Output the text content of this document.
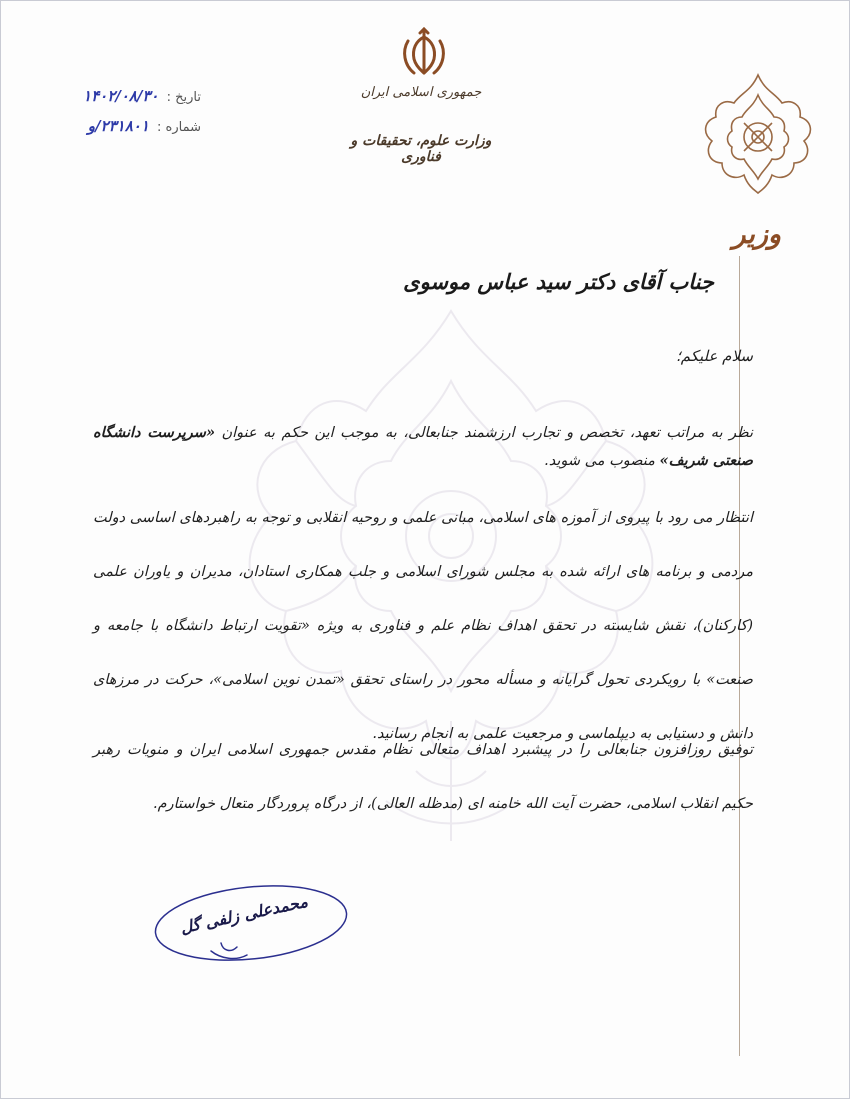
جمهوری اسلامی ایران
وزارت علوم، تحقیقات و فناوری
وزیر
تاریخ : ۱۴۰۲/۰۸/۳۰
شماره : ۲۳۱۸۰۱/و
جناب آقای دکتر سید عباس موسوی
سلام علیکم؛
نظر به مراتب تعهد، تخصص و تجارب ارزشمند جنابعالی، به موجب این حکم به عنوان «سرپرست دانشگاه صنعتی شریف» منصوب می شوید.
انتظار می رود با پیروی از آموزه های اسلامی، مبانی علمی و روحیه انقلابی و توجه به راهبردهای اساسی دولت مردمی و برنامه های ارائه شده به مجلس شورای اسلامی و جلب همکاری استادان، مدیران و یاوران علمی (کارکنان)، نقش شایسته در تحقق اهداف نظام علم و فناوری به ویژه «تقویت ارتباط دانشگاه با جامعه و صنعت» با رویکردی تحول گرایانه و مسأله محور در راستای تحقق «تمدن نوین اسلامی»، حرکت در مرزهای دانش و دستیابی به دیپلماسی و مرجعیت علمی به انجام رسانید.
توفیق روزافزون جنابعالی را در پیشبرد اهداف متعالی نظام مقدس جمهوری اسلامی ایران و منویات رهبر حکیم انقلاب اسلامی، حضرت آیت الله خامنه ای (مدظله العالی)، از درگاه پروردگار متعال خواستارم.
محمدعلی زلفی گل
